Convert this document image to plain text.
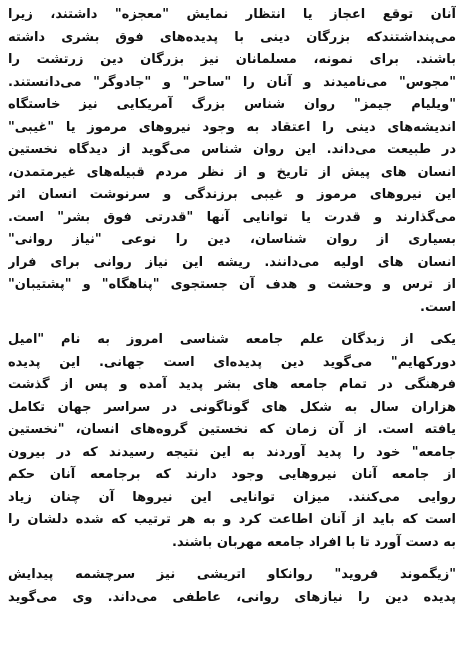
آنان توقع اعجاز یا انتظار نمایش "معجزه" داشتند، زیرا
می‌پنداشتندکه بزرگان دینی با پدیده‌های فوق بشری داشته
باشند. برای نمونه، مسلمانان نیز بزرگان دین زرتشت را
"مجوس" می‌نامیدند و آنان را "ساحر" و "جادوگر" می‌دانستند.
"ویلیام جیمز" روان شناس بزرگ آمریکایی نیز خاستگاه
اندیشه‌های دینی را اعتقاد به وجود نیروهای مرموز یا "غیبی"
در طبیعت می‌داند. این روان شناس می‌گوید از دیدگاه نخستین
انسان های پیش از تاریخ و از نظر مردم قبیله‌های غیرمتمدن،
این نیروهای مرموز و غیبی برزندگی و سرنوشت انسان اثر
می‌گذارند و قدرت یا توانایی آنها "قدرتی فوق بشر" است.
بسیاری از روان شناسان، دین را نوعی "نیاز روانی"
انسان های اولیه می‌دانند. ریشه این نیاز روانی برای فرار
از ترس و وحشت و هدف آن جستجوی "پناهگاه" و "پشتیبان"
است.
یکی از زبدگان علم جامعه شناسی امروز به نام "امیل
دورکهایم" می‌گوید دین پدیده‌ای است جهانی. این پدیده
فرهنگی در تمام جامعه های بشر پدید آمده و پس از گذشت
هزاران سال به شکل های گوناگونی در سراسر جهان تکامل
یافته است. از آن زمان که نخستین گروه‌های انسان، "نخستین
جامعه" خود را پدید آوردند به این نتیجه رسیدند که در بیرون
از جامعه آنان نیروهایی وجود دارند که برجامعه آنان حکم
روایی می‌کنند. میزان توانایی این نیروها آن چنان زیاد
است که باید از آنان اطاعت کرد و به هر ترتیب که شده دلشان را
به دست آورد تا با افراد جامعه مهربان باشند.
"زیگموند فروید" روانکاو اتریشی نیز سرچشمه پیدایش
پدیده دین را نیازهای روانی، عاطفی می‌داند. وی می‌گوید
